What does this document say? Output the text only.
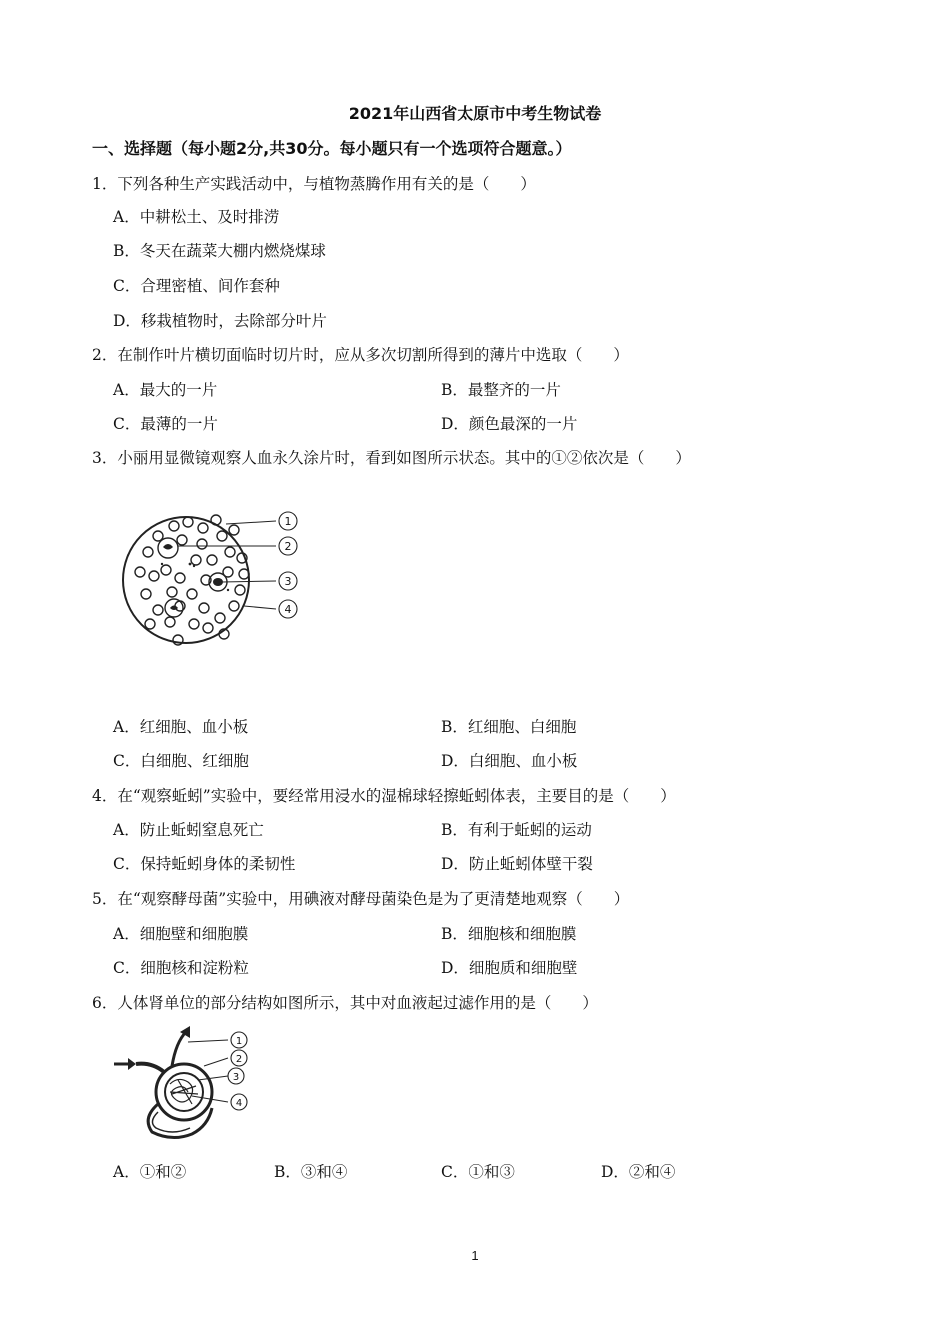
2021年山西省太原市中考生物试卷
一、选择题（每小题2分,共30分。每小题只有一个选项符合题意。）
1．下列各种生产实践活动中，与植物蒸腾作用有关的是（　　）
A．中耕松土、及时排涝
B．冬天在蔬菜大棚内燃烧煤球
C．合理密植、间作套种
D．移栽植物时，去除部分叶片
2．在制作叶片横切面临时切片时，应从多次切割所得到的薄片中选取（　　）
A．最大的一片	B．最整齐的一片
C．最薄的一片	D．颜色最深的一片
3．小丽用显微镜观察人血永久涂片时，看到如图所示状态。其中的①②依次是（　　）
1
2
3
4
A．红细胞、血小板	B．红细胞、白细胞
C．白细胞、红细胞	D．白细胞、血小板
4．在“观察蚯蚓”实验中，要经常用浸水的湿棉球轻擦蚯蚓体表，主要目的是（　　）
A．防止蚯蚓窒息死亡	B．有利于蚯蚓的运动
C．保持蚯蚓身体的柔韧性	D．防止蚯蚓体壁干裂
5．在“观察酵母菌”实验中，用碘液对酵母菌染色是为了更清楚地观察（　　）
A．细胞壁和细胞膜	B．细胞核和细胞膜
C．细胞核和淀粉粒	D．细胞质和细胞壁
6．人体肾单位的部分结构如图所示，其中对血液起过滤作用的是（　　）
1
2
3
4
A．①和②	B．③和④	C．①和③	D．②和④
1
